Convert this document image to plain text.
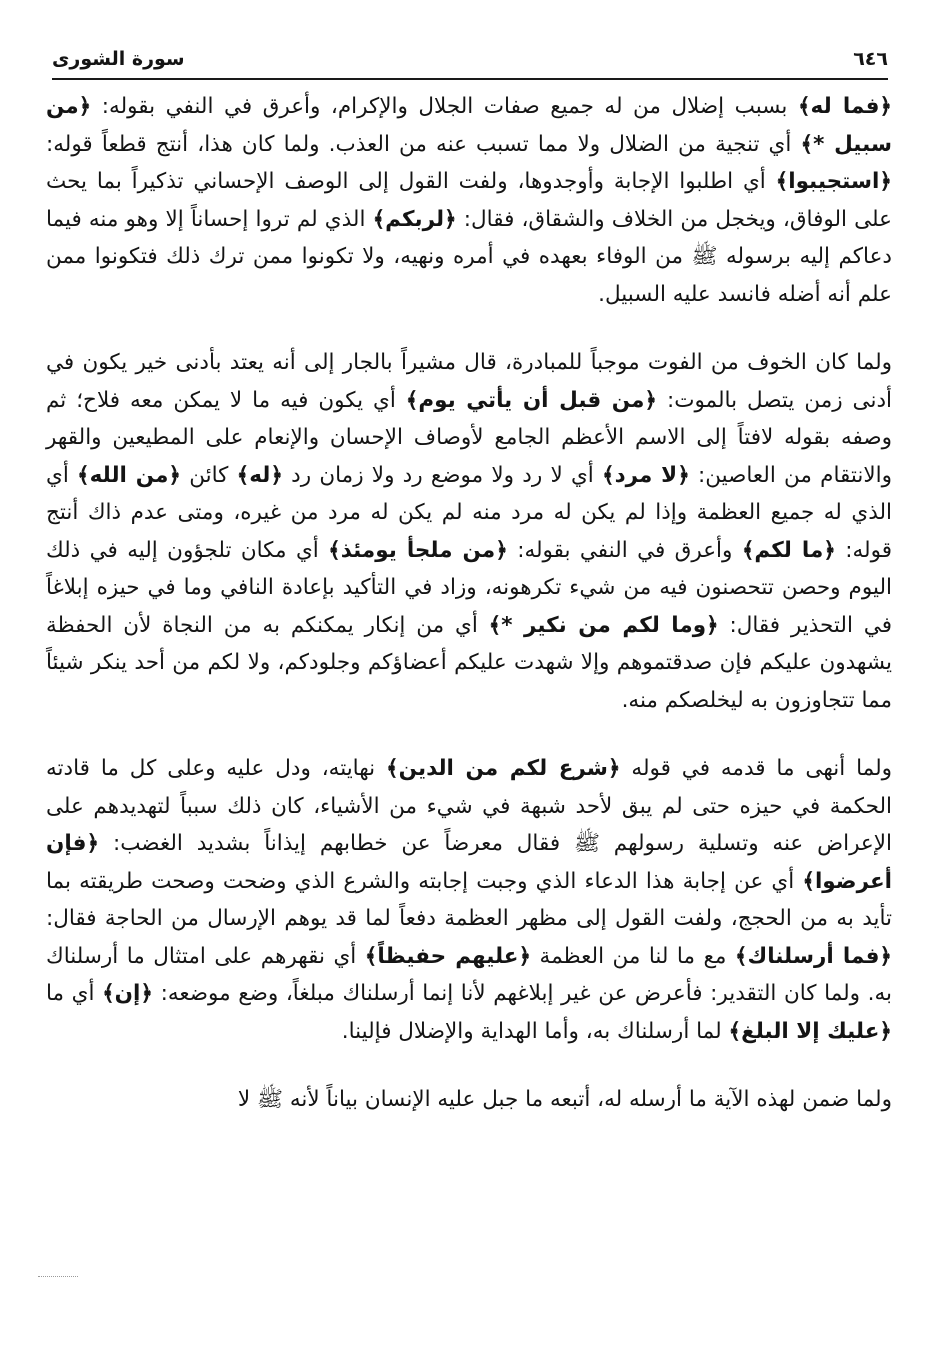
٦٤٦
سورة الشورى

﴿فما له﴾ بسبب إضلال من له جميع صفات الجلال والإكرام، وأعرق في النفي بقوله: ﴿من سبيل *﴾ أي تنجية من الضلال ولا مما تسبب عنه من العذب. ولما كان هذا، أنتج قطعاً قوله: ﴿استجيبوا﴾ أي اطلبوا الإجابة وأوجدوها، ولفت القول إلى الوصف الإحساني تذكيراً بما يحث على الوفاق، ويخجل من الخلاف والشقاق، فقال: ﴿لربكم﴾ الذي لم تروا إحساناً إلا وهو منه فيما دعاكم إليه برسوله ﷺ من الوفاء بعهده في أمره ونهيه، ولا تكونوا ممن ترك ذلك فتكونوا ممن علم أنه أضله فانسد عليه السبيل.

ولما كان الخوف من الفوت موجباً للمبادرة، قال مشيراً بالجار إلى أنه يعتد بأدنى خير يكون في أدنى زمن يتصل بالموت: ﴿من قبل أن يأتي يوم﴾ أي يكون فيه ما لا يمكن معه فلاح؛ ثم وصفه بقوله لافتاً إلى الاسم الأعظم الجامع لأوصاف الإحسان والإنعام على المطيعين والقهر والانتقام من العاصين: ﴿لا مرد﴾ أي لا رد ولا موضع رد ولا زمان رد ﴿له﴾ كائن ﴿من الله﴾ أي الذي له جميع العظمة وإذا لم يكن له مرد منه لم يكن له مرد من غيره، ومتى عدم ذاك أنتج قوله: ﴿ما لكم﴾ وأعرق في النفي بقوله: ﴿من ملجأ يومئذ﴾ أي مكان تلجؤون إليه في ذلك اليوم وحصن تتحصنون فيه من شيء تكرهونه، وزاد في التأكيد بإعادة النافي وما في حيزه إبلاغاً في التحذير فقال: ﴿وما لكم من نكير *﴾ أي من إنكار يمكنكم به من النجاة لأن الحفظة يشهدون عليكم فإن صدقتموهم وإلا شهدت عليكم أعضاؤكم وجلودكم، ولا لكم من أحد ينكر شيئاً مما تتجاوزون به ليخلصكم منه.

ولما أنهى ما قدمه في قوله ﴿شرع لكم من الدين﴾ نهايته، ودل عليه وعلى كل ما قادته الحكمة في حيزه حتى لم يبق لأحد شبهة في شيء من الأشياء، كان ذلك سبباً لتهديدهم على الإعراض عنه وتسلية رسولهم ﷺ فقال معرضاً عن خطابهم إيذاناً بشديد الغضب: ﴿فإن أعرضوا﴾ أي عن إجابة هذا الدعاء الذي وجبت إجابته والشرع الذي وضحت وصحت طريقته بما تأيد به من الحجج، ولفت القول إلى مظهر العظمة دفعاً لما قد يوهم الإرسال من الحاجة فقال: ﴿فما أرسلناك﴾ مع ما لنا من العظمة ﴿عليهم حفيظاً﴾ أي نقهرهم على امتثال ما أرسلناك به. ولما كان التقدير: فأعرض عن غير إبلاغهم لأنا إنما أرسلناك مبلغاً، وضع موضعه: ﴿إن﴾ أي ما ﴿عليك إلا البلغ﴾ لما أرسلناك به، وأما الهداية والإضلال فإلينا.

ولما ضمن لهذه الآية ما أرسله له، أتبعه ما جبل عليه الإنسان بياناً لأنه ﷺ لا
